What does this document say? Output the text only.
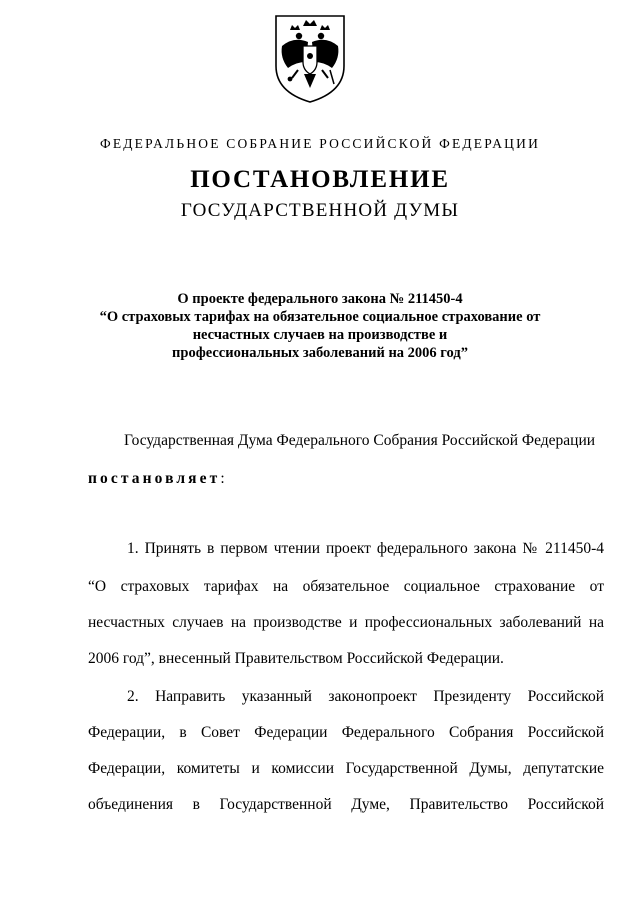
ФЕДЕРАЛЬНОЕ СОБРАНИЕ РОССИЙСКОЙ ФЕДЕРАЦИИ
ПОСТАНОВЛЕНИЕ
ГОСУДАРСТВЕННОЙ ДУМЫ
О проекте федерального закона № 211450-4
“О страховых тарифах на обязательное социальное страхование от
несчастных случаев на производстве и
профессиональных заболеваний на 2006 год”
Государственная Дума Федерального Собрания Российской Федерации
постановляет:
1. Принять в первом чтении проект федерального закона № 211450-4
“О страховых тарифах на обязательное социальное страхование от
несчастных случаев на производстве и профессиональных заболеваний на
2006 год”, внесенный Правительством Российской Федерации.
2. Направить указанный законопроект Президенту Российской
Федерации, в Совет Федерации Федерального Собрания Российской
Федерации, комитеты и комиссии Государственной Думы, депутатские
объединения в Государственной Думе, Правительство Российской
